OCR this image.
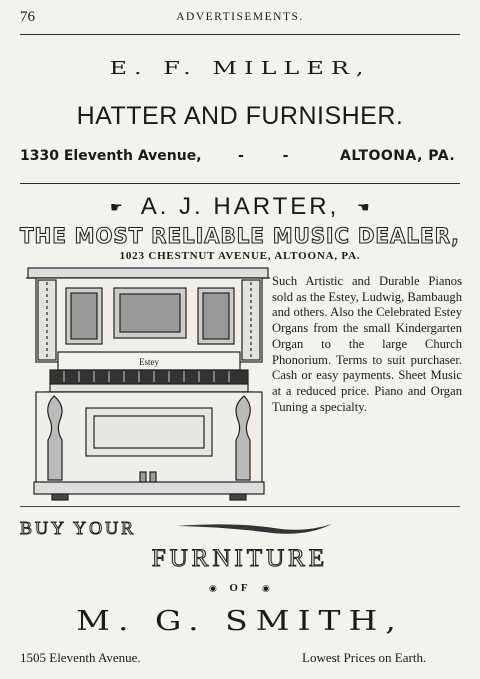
76	ADVERTISEMENTS.
E. F. MILLER,
HATTER AND FURNISHER.
1330 Eleventh Avenue,	- -	ALTOONA, PA.
☛ A. J. HARTER,	☚
THE MOST RELIABLE MUSIC DEALER,
1023 CHESTNUT AVENUE, ALTOONA, PA.
Estey
Such Artistic and Durable Pianos sold as the Estey, Ludwig, Bambaugh and others. Also the Celebrated Estey Organs from the small Kindergarten Organ to the large Church Phonorium. Terms to suit purchaser. Cash or easy payments. Sheet Music at a reduced price. Piano and Organ Tuning a specialty.
BUY YOUR
FURNITURE
◉	OF	◉
M. G. SMITH,
1505 Eleventh Avenue.	Lowest Prices on Earth.
